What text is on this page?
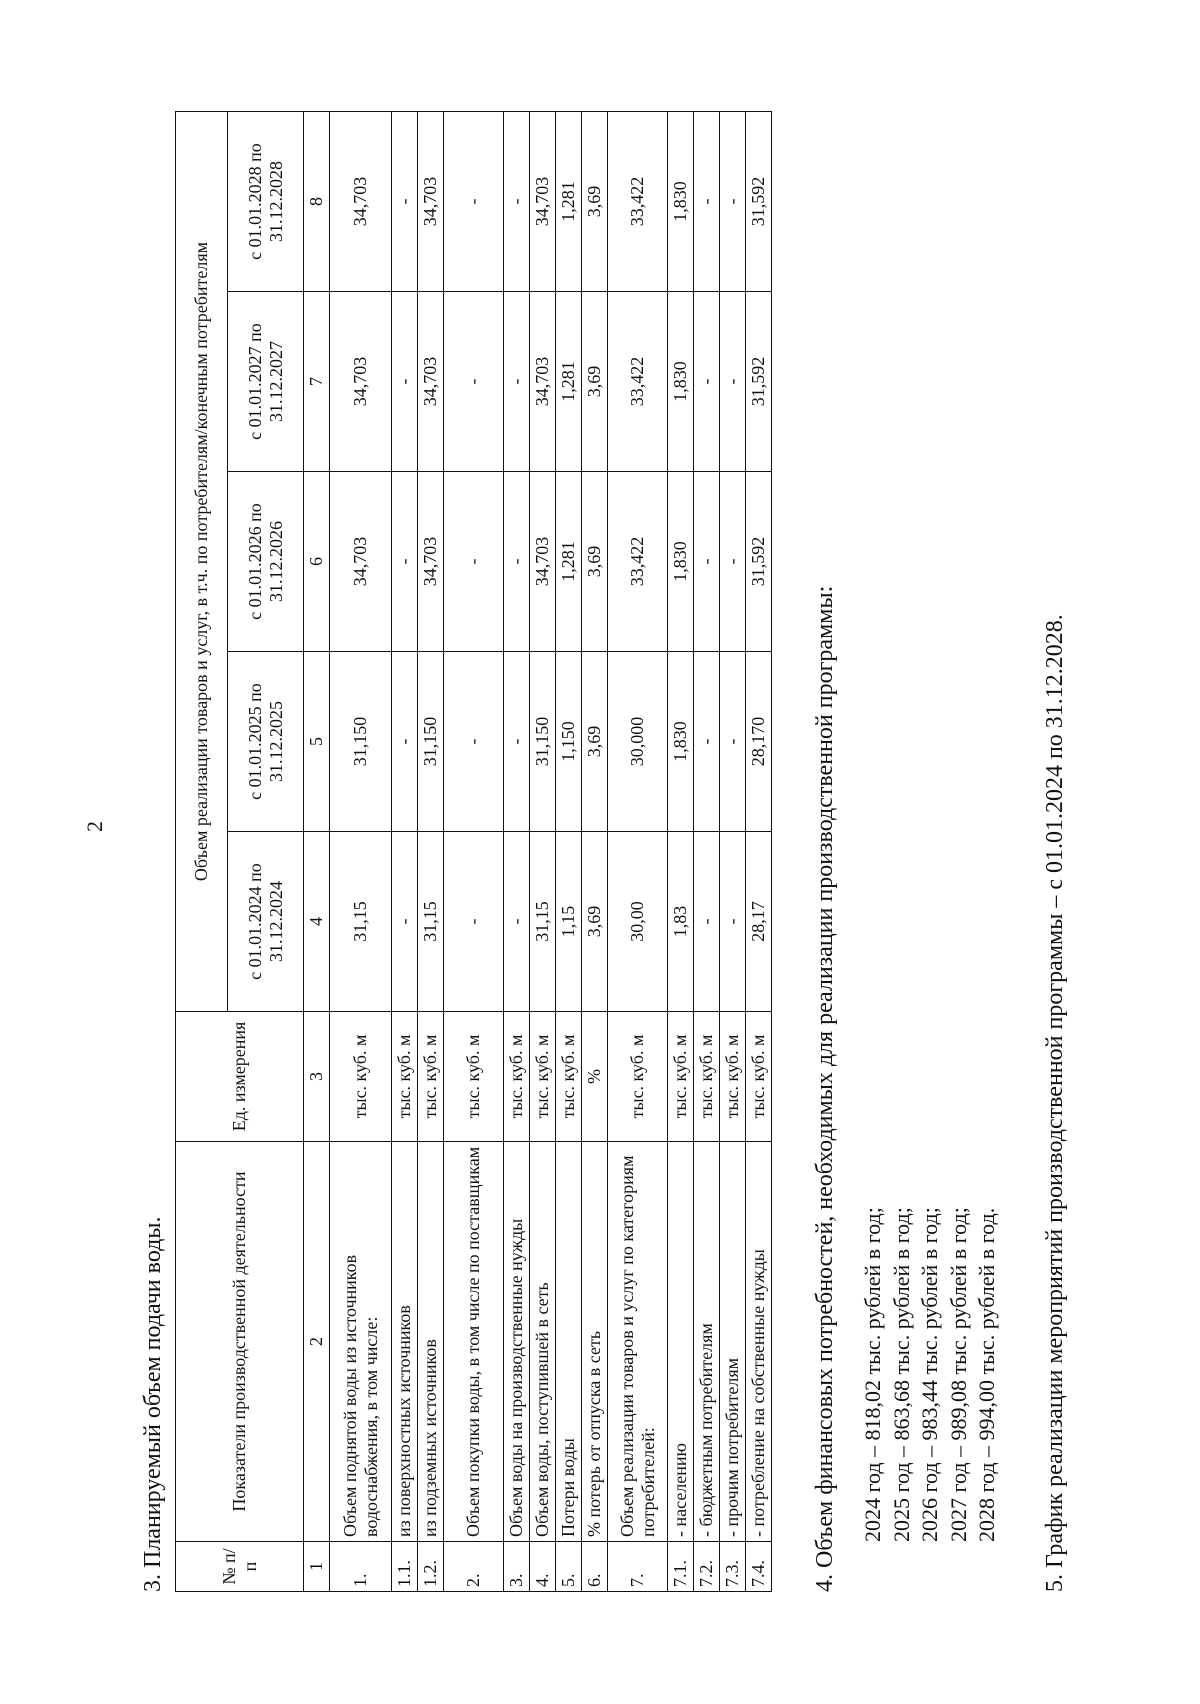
2
3. Планируемый объем подачи воды.	№ п/п	Показатели производственной деятельности	Ед. измерения	Объем реализации товаров и услуг, в т.ч. по потребителям/конечным потребителям				
			с 01.01.2024 по 31.12.2024	с 01.01.2025 по 31.12.2025	с 01.01.2026 по 31.12.2026	с 01.01.2027 по 31.12.2027	с 01.01.2028 по 31.12.2028
1	2	3	4	5	6	7	8
1.	Объем поднятой воды из источников водоснабжения, в том числе:	тыс. куб. м	31,15	31,150	34,703	34,703	34,703
1.1.	из поверхностных источников	тыс. куб. м	-	-	-	-	-
1.2.	из подземных источников	тыс. куб. м	31,15	31,150	34,703	34,703	34,703
2.	Объем покупки воды, в том числе по поставщикам	тыс. куб. м	-	-	-	-	-
3.	Объем воды на производственные нужды	тыс. куб. м	-	-	-	-	-
4.	Объем воды, поступившей в сеть	тыс. куб. м	31,15	31,150	34,703	34,703	34,703
5.	Потери воды	тыс. куб. м	1,15	1,150	1,281	1,281	1,281
6.	% потерь от отпуска в сеть	%	3,69	3,69	3,69	3,69	3,69
7.	Объем реализации товаров и услуг по категориям потребителей:	тыс. куб. м	30,00	30,000	33,422	33,422	33,422
7.1.	- населению	тыс. куб. м	1,83	1,830	1,830	1,830	1,830
7.2.	- бюджетным потребителям	тыс. куб. м	-	-	-	-	-
7.3.	- прочим потребителям	тыс. куб. м	-	-	-	-	-
7.4.	- потребление на собственные нужды	тыс. куб. м	28,17	28,170	31,592	31,592	31,592
4. Объем финансовых потребностей, необходимых для реализации производственной программы: 2024 год – 818,02 тыс. рублей в год; 2025 год – 863,68 тыс. рублей в год; 2026 год – 983,44 тыс. рублей в год; 2027 год – 989,08 тыс. рублей в год; 2028 год – 994,00 тыс. рублей в год. 5. График реализации мероприятий производственной программы – с 01.01.2024 по 31.12.2028.
